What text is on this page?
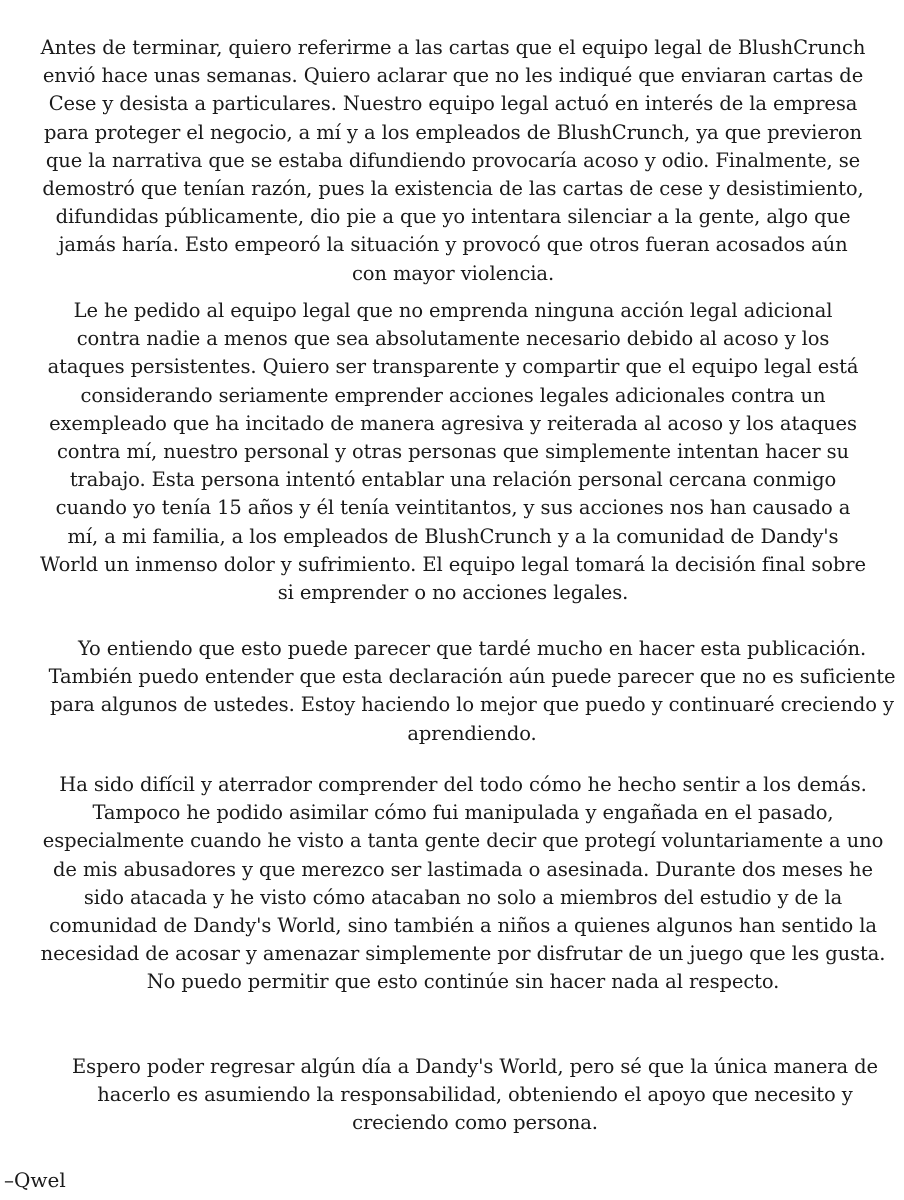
Antes de terminar, quiero referirme a las cartas que el equipo legal de BlushCrunch envió hace unas semanas. Quiero aclarar que no les indiqué que enviaran cartas de Cese y desista a particulares. Nuestro equipo legal actuó en interés de la empresa para proteger el negocio, a mí y a los empleados de BlushCrunch, ya que previeron que la narrativa que se estaba difundiendo provocaría acoso y odio. Finalmente, se demostró que tenían razón, pues la existencia de las cartas de cese y desistimiento, difundidas públicamente, dio pie a que yo intentara silenciar a la gente, algo que jamás haría. Esto empeoró la situación y provocó que otros fueran acosados aún con mayor violencia.

Le he pedido al equipo legal que no emprenda ninguna acción legal adicional contra nadie a menos que sea absolutamente necesario debido al acoso y los ataques persistentes. Quiero ser transparente y compartir que el equipo legal está considerando seriamente emprender acciones legales adicionales contra un exempleado que ha incitado de manera agresiva y reiterada al acoso y los ataques contra mí, nuestro personal y otras personas que simplemente intentan hacer su trabajo. Esta persona intentó entablar una relación personal cercana conmigo cuando yo tenía 15 años y él tenía veintitantos, y sus acciones nos han causado a mí, a mi familia, a los empleados de BlushCrunch y a la comunidad de Dandy's World un inmenso dolor y sufrimiento. El equipo legal tomará la decisión final sobre si emprender o no acciones legales.

Yo entiendo que esto puede parecer que tardé mucho en hacer esta publicación. También puedo entender que esta declaración aún puede parecer que no es suficiente para algunos de ustedes. Estoy haciendo lo mejor que puedo y continuaré creciendo y aprendiendo.

Ha sido difícil y aterrador comprender del todo cómo he hecho sentir a los demás. Tampoco he podido asimilar cómo fui manipulada y engañada en el pasado, especialmente cuando he visto a tanta gente decir que protegí voluntariamente a uno de mis abusadores y que merezco ser lastimada o asesinada. Durante dos meses he sido atacada y he visto cómo atacaban no solo a miembros del estudio y de la comunidad de Dandy's World, sino también a niños a quienes algunos han sentido la necesidad de acosar y amenazar simplemente por disfrutar de un juego que les gusta. No puedo permitir que esto continúe sin hacer nada al respecto.

Espero poder regresar algún día a Dandy's World, pero sé que la única manera de hacerlo es asumiendo la responsabilidad, obteniendo el apoyo que necesito y creciendo como persona.

–Qwel
